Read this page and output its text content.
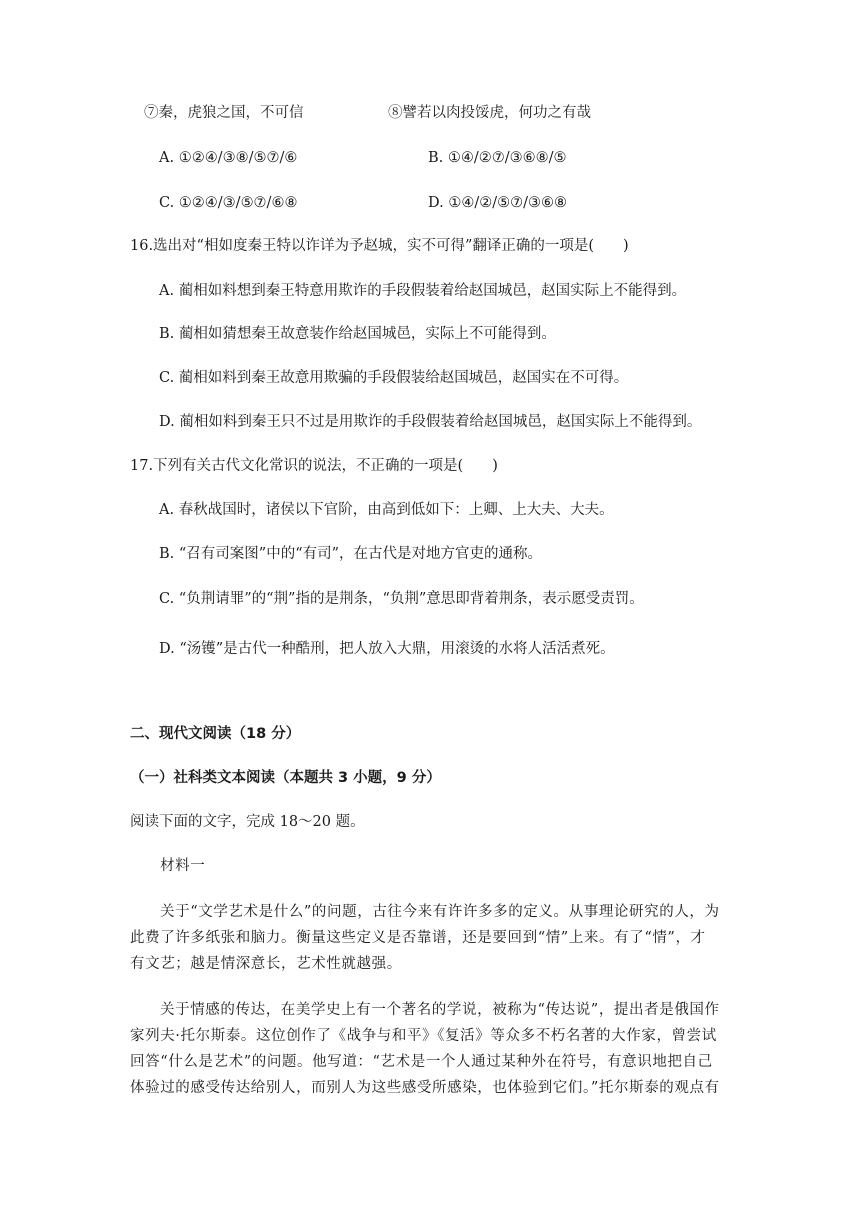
⑦秦，虎狼之国，不可信	⑧譬若以肉投馁虎，何功之有哉
A. ①②④/③⑧/⑤⑦/⑥	B. ①④/②⑦/③⑥⑧/⑤
C. ①②④/③/⑤⑦/⑥⑧	D. ①④/②/⑤⑦/③⑥⑧
16.选出对“相如度秦王特以诈详为予赵城，实不可得”翻译正确的一项是(　　)
A. 蔺相如料想到秦王特意用欺诈的手段假装着给赵国城邑，赵国实际上不能得到。
B. 蔺相如猜想秦王故意装作给赵国城邑，实际上不可能得到。
C. 蔺相如料到秦王故意用欺骗的手段假装给赵国城邑，赵国实在不可得。
D. 蔺相如料到秦王只不过是用欺诈的手段假装着给赵国城邑，赵国实际上不能得到。
17.下列有关古代文化常识的说法，不正确的一项是(　　)
A. 春秋战国时，诸侯以下官阶，由高到低如下：上卿、上大夫、大夫。
B. “召有司案图”中的“有司”，在古代是对地方官吏的通称。
C. “负荆请罪”的“荆”指的是荆条，“负荆”意思即背着荆条，表示愿受责罚。
D. “汤镬”是古代一种酷刑，把人放入大鼎，用滚烫的水将人活活煮死。
二、现代文阅读（18 分）
（一）社科类文本阅读（本题共 3 小题，9 分）
阅读下面的文字，完成 18～20 题。
材料一
关于“文学艺术是什么”的问题，古往今来有许许多多的定义。从事理论研究的人，为
此费了许多纸张和脑力。衡量这些定义是否靠谱，还是要回到“情”上来。有了“情”，才
有文艺；越是情深意长，艺术性就越强。
关于情感的传达，在美学史上有一个著名的学说，被称为“传达说”，提出者是俄国作
家列夫·托尔斯泰。这位创作了《战争与和平》《复活》等众多不朽名著的大作家，曾尝试
回答“什么是艺术”的问题。他写道：“艺术是一个人通过某种外在符号，有意识地把自己
体验过的感受传达给别人，而别人为这些感受所感染，也体验到它们。”托尔斯泰的观点有
